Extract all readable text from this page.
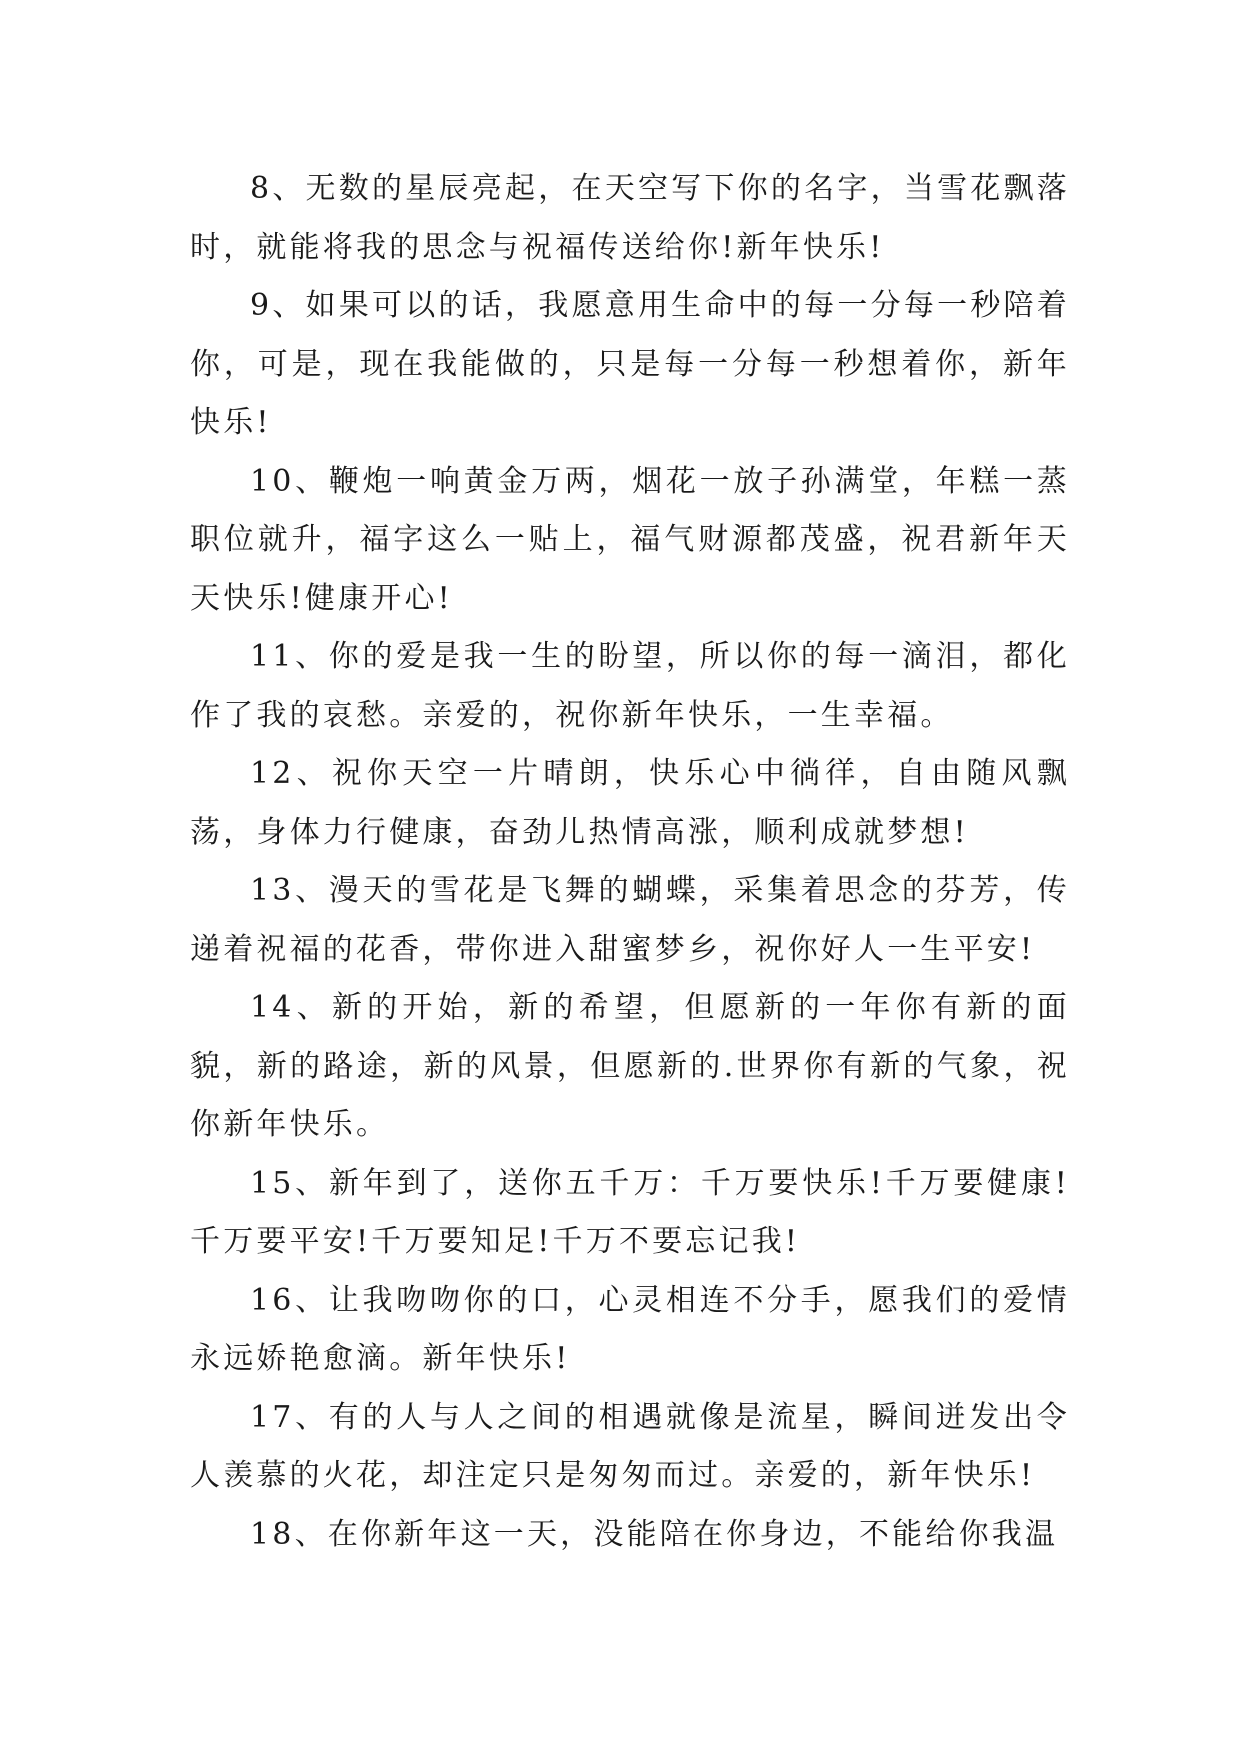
8、无数的星辰亮起，在天空写下你的名字，当雪花飘落时，就能将我的思念与祝福传送给你!新年快乐!

9、如果可以的话，我愿意用生命中的每一分每一秒陪着你，可是，现在我能做的，只是每一分每一秒想着你，新年快乐!

10、鞭炮一响黄金万两，烟花一放子孙满堂，年糕一蒸职位就升，福字这么一贴上，福气财源都茂盛，祝君新年天天快乐!健康开心!

11、你的爱是我一生的盼望，所以你的每一滴泪，都化作了我的哀愁。亲爱的，祝你新年快乐，一生幸福。

12、祝你天空一片晴朗，快乐心中徜徉，自由随风飘荡，身体力行健康，奋劲儿热情高涨，顺利成就梦想!

13、漫天的雪花是飞舞的蝴蝶，采集着思念的芬芳，传递着祝福的花香，带你进入甜蜜梦乡，祝你好人一生平安!

14、新的开始，新的希望，但愿新的一年你有新的面貌，新的路途，新的风景，但愿新的.世界你有新的气象，祝你新年快乐。

15、新年到了，送你五千万：千万要快乐!千万要健康!千万要平安!千万要知足!千万不要忘记我!

16、让我吻吻你的口，心灵相连不分手，愿我们的爱情永远娇艳愈滴。新年快乐!

17、有的人与人之间的相遇就像是流星，瞬间迸发出令人羡慕的火花，却注定只是匆匆而过。亲爱的，新年快乐!

18、在你新年这一天，没能陪在你身边，不能给你我温
